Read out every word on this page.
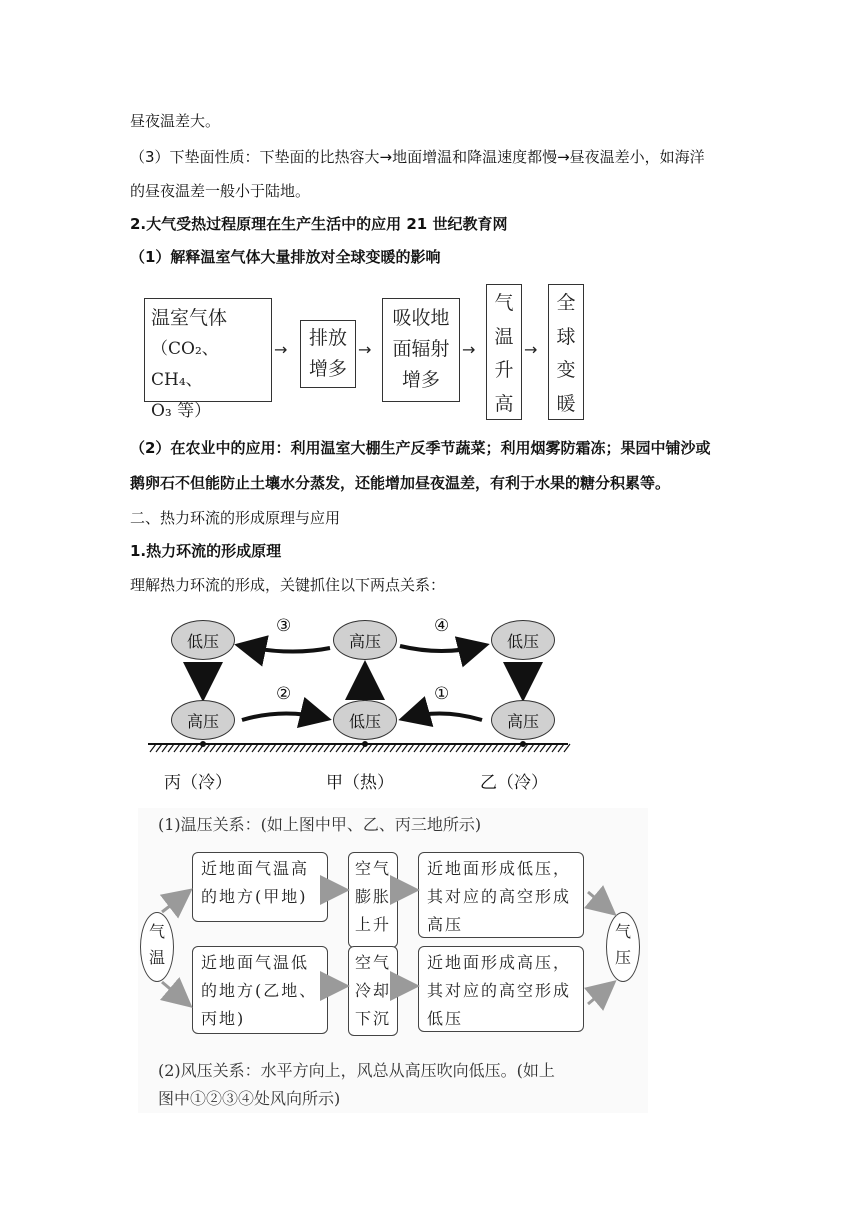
昼夜温差大。
（3）下垫面性质：下垫面的比热容大→地面增温和降温速度都慢→昼夜温差小，如海洋
的昼夜温差一般小于陆地。
2.大气受热过程原理在生产生活中的应用 21 世纪教育网
（1）解释温室气体大量排放对全球变暖的影响
温室气体
（CO₂、CH₄、
O₃ 等）
→
排放
增多
→
吸收地
面辐射
增多
→
气
温
升
高
→
全
球
变
暖
（2）在农业中的应用：利用温室大棚生产反季节蔬菜；利用烟雾防霜冻；果园中铺沙或
鹅卵石不但能防止土壤水分蒸发，还能增加昼夜温差，有利于水果的糖分积累等。
二、热力环流的形成原理与应用
1.热力环流的形成原理
理解热力环流的形成，关键抓住以下两点关系：
低压	高压	低压
高压	低压	高压
③	④
②	①
丙（冷）	甲（热）	乙（冷）
(1)温压关系：(如上图中甲、乙、丙三地所示)
气温
气压
近地面气温高的地方(甲地)
空气膨胀上升
近地面形成低压，其对应的高空形成高压
近地面气温低的地方(乙地、丙地)
空气冷却下沉
近地面形成高压，其对应的高空形成低压
(2)风压关系：水平方向上，风总从高压吹向低压。(如上
图中①②③④处风向所示)
